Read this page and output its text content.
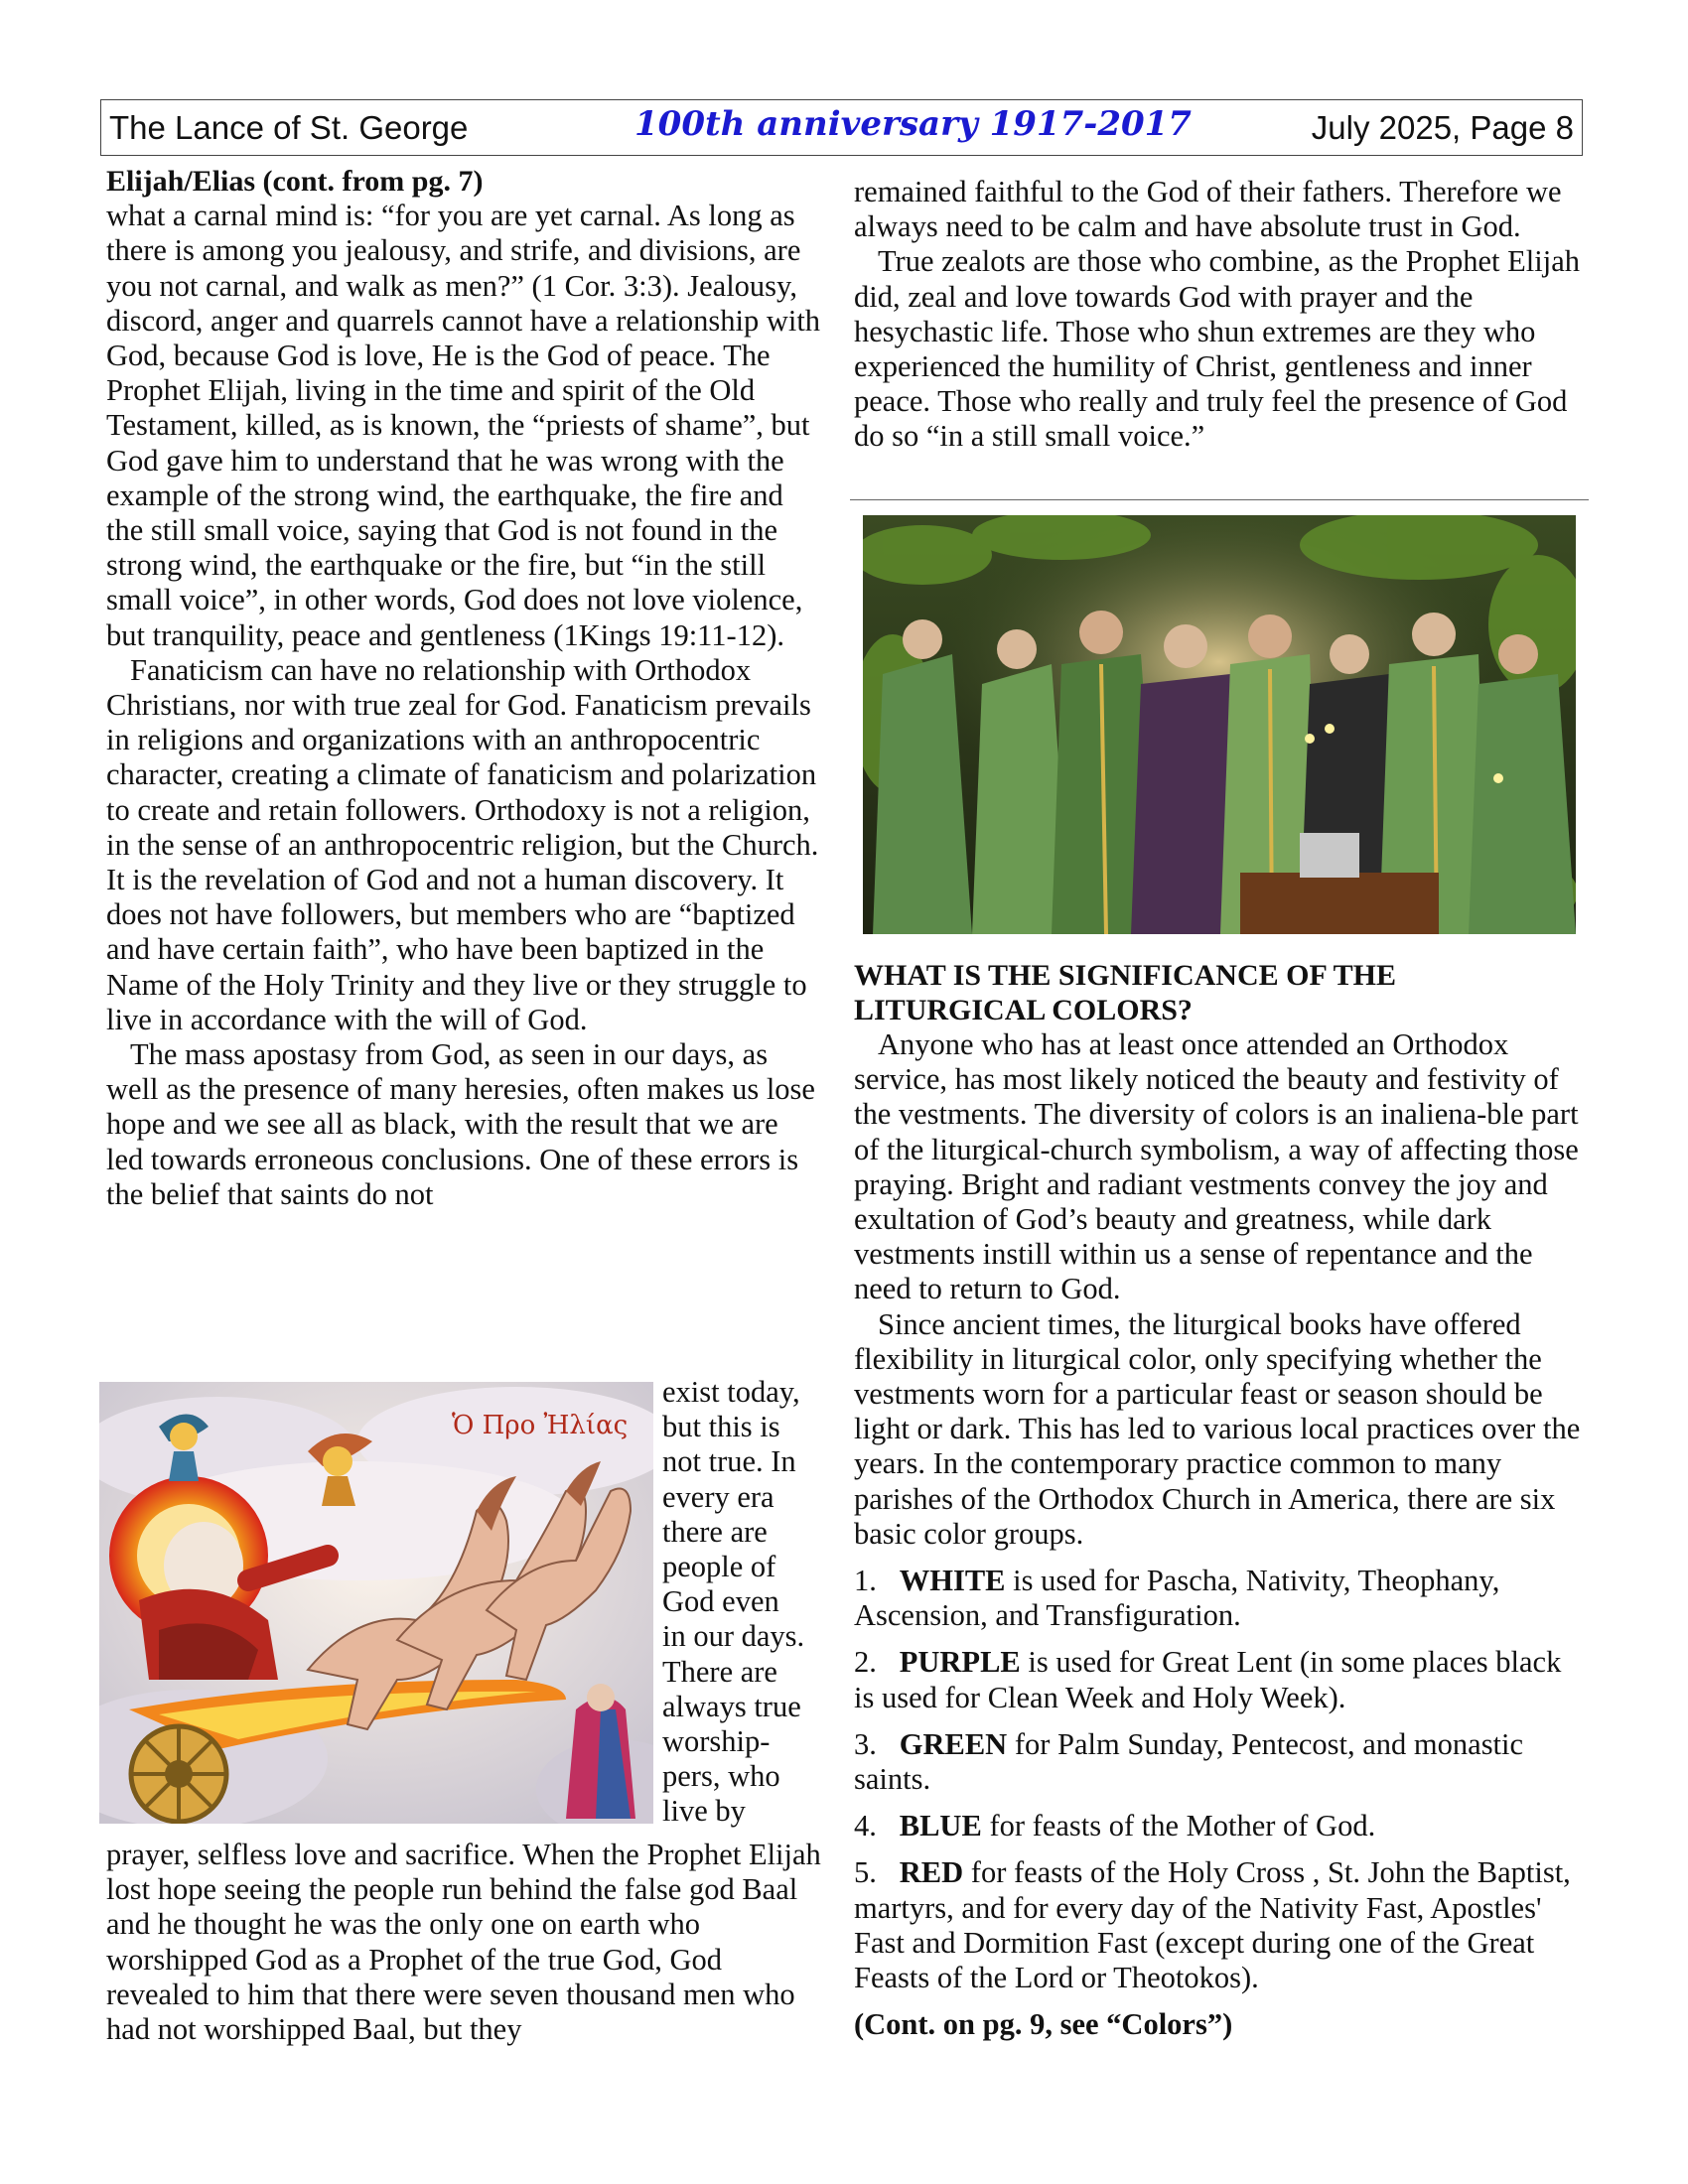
The Lance of St. George	100th anniversary 1917-2017	July 2025, Page 8

Elijah/Elias (cont. from pg. 7)

what a carnal mind is: “for you are yet carnal. As long as there is among you jealousy, and strife, and divisions, are you not carnal, and walk as men?” (1 Cor. 3:3). Jealousy, discord, anger and quarrels cannot have a relationship with God, because God is love, He is the God of peace. The Prophet Elijah, living in the time and spirit of the Old Testament, killed, as is known, the “priests of shame”, but God gave him to understand that he was wrong with the example of the strong wind, the earthquake, the fire and the still small voice, saying that God is not found in the strong wind, the earthquake or the fire, but “in the still small voice”, in other words, God does not love violence, but tranquility, peace and gentleness (1Kings 19:11-12).

Fanaticism can have no relationship with Orthodox Christians, nor with true zeal for God. Fanaticism prevails in religions and organizations with an anthropocentric character, creating a climate of fanaticism and polarization to create and retain followers. Orthodoxy is not a religion, in the sense of an anthropocentric religion, but the Church. It is the revelation of God and not a human discovery. It does not have followers, but members who are “baptized and have certain faith”, who have been baptized in the Name of the Holy Trinity and they live or they struggle to live in accordance with the will of God.

The mass apostasy from God, as seen in our days, as well as the presence of many heresies, often makes us lose hope and we see all as black, with the result that we are led towards erroneous conclusions. One of these errors is the belief that saints do not

Ὁ Προ Ἠλίας
exist today,
but this is
not true. In
every era
there are
people of
God even
in our days.
There are
always true
worship-
pers, who
live by

prayer, selfless love and sacrifice. When the Prophet Elijah lost hope seeing the people run behind the false god Baal and he thought he was the only one on earth who worshipped God as a Prophet of the true God, God revealed to him that there were seven thousand men who had not worshipped Baal, but they

remained faithful to the God of their fathers. Therefore we always need to be calm and have absolute trust in God.

True zealots are those who combine, as the Prophet Elijah did, zeal and love towards God with prayer and the hesychastic life. Those who shun extremes are they who experienced the humility of Christ, gentleness and inner peace. Those who really and truly feel the presence of God do so “in a still small voice.”

WHAT IS THE SIGNIFICANCE OF THE LITURGICAL COLORS?

Anyone who has at least once attended an Orthodox service, has most likely noticed the beauty and festivity of the vestments. The diversity of colors is an inaliena-ble part of the liturgical-church symbolism, a way of affecting those praying. Bright and radiant vestments convey the joy and exultation of God’s beauty and greatness, while dark vestments instill within us a sense of repentance and the need to return to God.

Since ancient times, the liturgical books have offered flexibility in liturgical color, only specifying whether the vestments worn for a particular feast or season should be light or dark. This has led to various local practices over the years. In the contemporary practice common to many parishes of the Orthodox Church in America, there are six basic color groups.

1. WHITE is used for Pascha, Nativity, Theophany, Ascension, and Transfiguration.

2. PURPLE is used for Great Lent (in some places black is used for Clean Week and Holy Week).

3. GREEN for Palm Sunday, Pentecost, and monastic saints.

4. BLUE for feasts of the Mother of God.

5. RED for feasts of the Holy Cross , St. John the Baptist, martyrs, and for every day of the Nativity Fast, Apostles' Fast and Dormition Fast (except during one of the Great Feasts of the Lord or Theotokos).

(Cont. on pg. 9, see “Colors”)
